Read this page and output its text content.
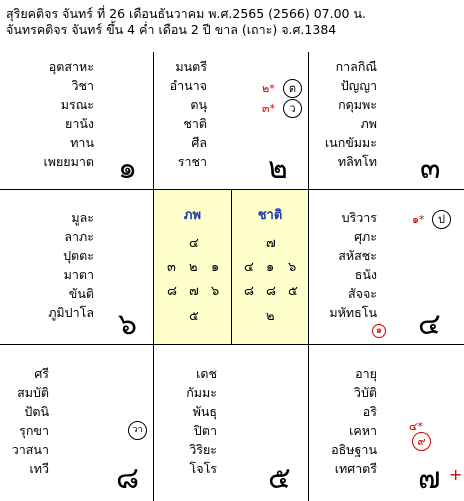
สุริยคติจร จันทร์ ที่ 26 เดือนธันวาคม พ.ศ.2565 (2566) 07.00 น.
จันทรคติจร จันทร์ ขึ้น 4 ค่ำ เดือน 2 ปี ขาล (เถาะ) จ.ศ.1384
อุตสาหะ
วิชา
มรณะ
ยานัง
ทาน
เพยยมาต ๑
มนตรี
อำนาจ
ตนุ
ชาติ
ศีล
ราชา
๒*	ต
๓*	ว
๒
กาลกิณี
ปัญญา
กดุมพะ
ภพ
เนกขัมมะ
ทลิทโท ๓
มูละ
ลาภะ
ปุตตะ
มาตา
ขันติ
ภูมิปาโล ๖
ภพ
๔
๓ ๒ ๑
๘ ๗ ๖
๕
ชาติ
๗
๔ ๑ ๖
๘ ๘ ๕
๒
บริวาร
ศุภะ
สหัสชะ
ธนัง
สัจจะ
มหัทธโน
๑*	ป
๑ ๔
ศรี
สมบัติ
ปัตนิ
รุกขา
วาสนา
เทวี
วา
๘
เดช
กัมมะ
พันธุ
ปิตา
วิริยะ
โจโร ๕
อายุ
วิบัติ
อริ
เคหา
อธิษฐาน
เทศาตรี
๔*
๙
๗ +
